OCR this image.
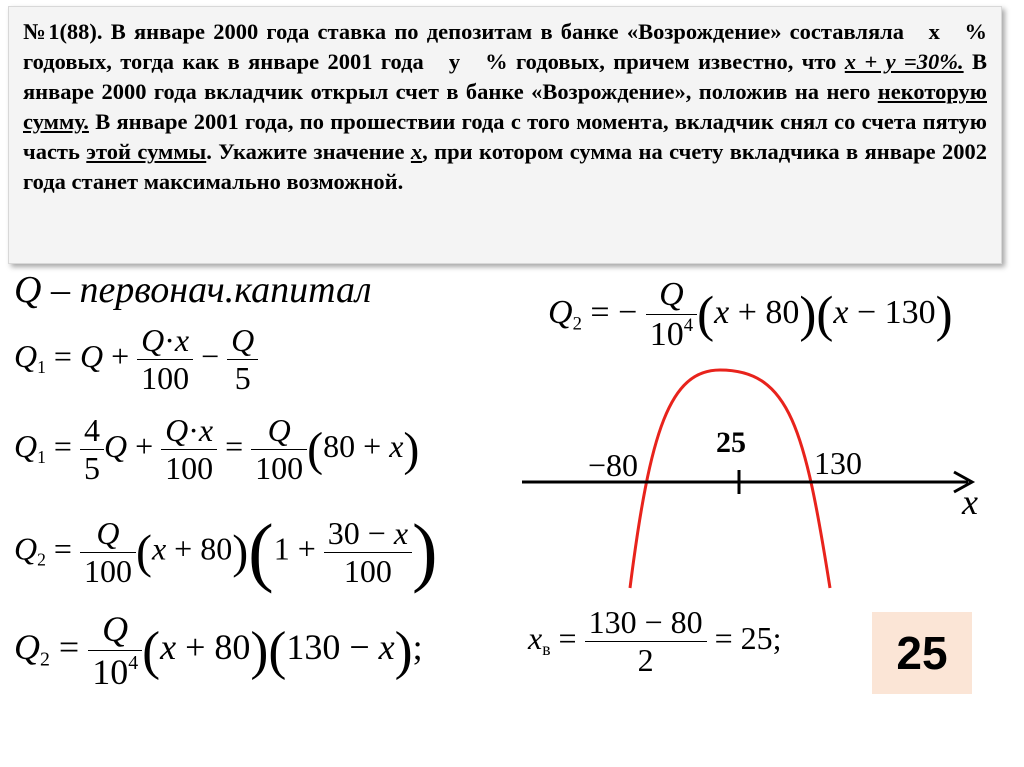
№1(88). В январе 2000 года ставка по депозитам в банке «Возрождение» составляла x % годовых, тогда как в январе 2001 года y % годовых, причем известно, что x + y =30%. В январе 2000 года вкладчик открыл счет в банке «Возрождение», положив на него некоторую сумму. В январе 2001 года, по прошествии года с того момента, вкладчик снял со счета пятую часть этой суммы. Укажите значение x, при котором сумма на счету вкладчика в январе 2002 года станет максимально возможной.
Q – первонач.капитал
$Q_1 = Q + \frac{Q\cdot x}{100} - \frac{Q}{5}$
$Q_1 = \frac{4}{5}$ $Q + \frac{Q\cdot x}{100} = \frac{Q}{100} (80 + x)$
$Q_2 = \frac{Q}{100} (x + 80)(1 + \frac{30 - x}{100}$ )
$Q_2 = \frac{Q}{10^4} (x + 80)(130 - x)$;
$Q_2$ = − $\frac{Q}{10^4} (x + 80)(x - 130)$
−80	130
25
x
$x_в = \frac{130 - 80}{2} = 25$;	25
